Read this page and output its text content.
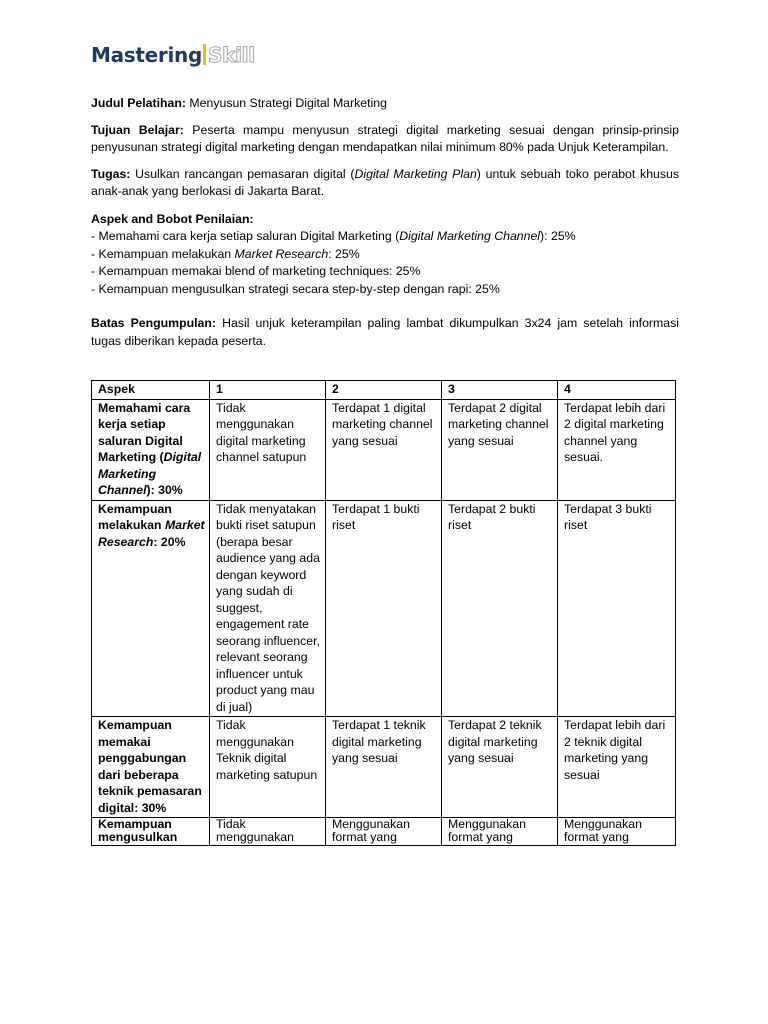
Mastering Skill

Judul Pelatihan: Menyusun Strategi Digital Marketing

Tujuan Belajar: Peserta mampu menyusun strategi digital marketing sesuai dengan prinsip-prinsip penyusunan strategi digital marketing dengan mendapatkan nilai minimum 80% pada Unjuk Keterampilan.

Tugas: Usulkan rancangan pemasaran digital (Digital Marketing Plan) untuk sebuah toko perabot khusus anak-anak yang berlokasi di Jakarta Barat.

Aspek and Bobot Penilaian:
- Memahami cara kerja setiap saluran Digital Marketing (Digital Marketing Channel): 25%
- Kemampuan melakukan Market Research: 25%
- Kemampuan memakai blend of marketing techniques: 25%
- Kemampuan mengusulkan strategi secara step-by-step dengan rapi: 25%

Batas Pengumpulan: Hasil unjuk keterampilan paling lambat dikumpulkan 3x24 jam setelah informasi tugas diberikan kepada peserta.

Aspek	1	2	3	4
Memahami cara kerja setiap saluran Digital Marketing (Digital Marketing Channel): 30%	Tidak menggunakan digital marketing channel satupun	Terdapat 1 digital marketing channel yang sesuai	Terdapat 2 digital marketing channel yang sesuai	Terdapat lebih dari 2 digital marketing channel yang sesuai.
Kemampuan melakukan Market Research: 20%	Tidak menyatakan bukti riset satupun (berapa besar audience yang ada dengan keyword yang sudah di suggest, engagement rate seorang influencer, relevant seorang influencer untuk product yang mau di jual)	Terdapat 1 bukti riset	Terdapat 2 bukti riset	Terdapat 3 bukti riset
Kemampuan memakai penggabungan dari beberapa teknik pemasaran digital: 30%	Tidak menggunakan Teknik digital marketing satupun	Terdapat 1 teknik digital marketing yang sesuai	Terdapat 2 teknik digital marketing yang sesuai	Terdapat lebih dari 2 teknik digital marketing yang sesuai

Kemampuan mengusulkan	Tidak menggunakan	Menggunakan format yang	Menggunakan format yang	Menggunakan format yang
